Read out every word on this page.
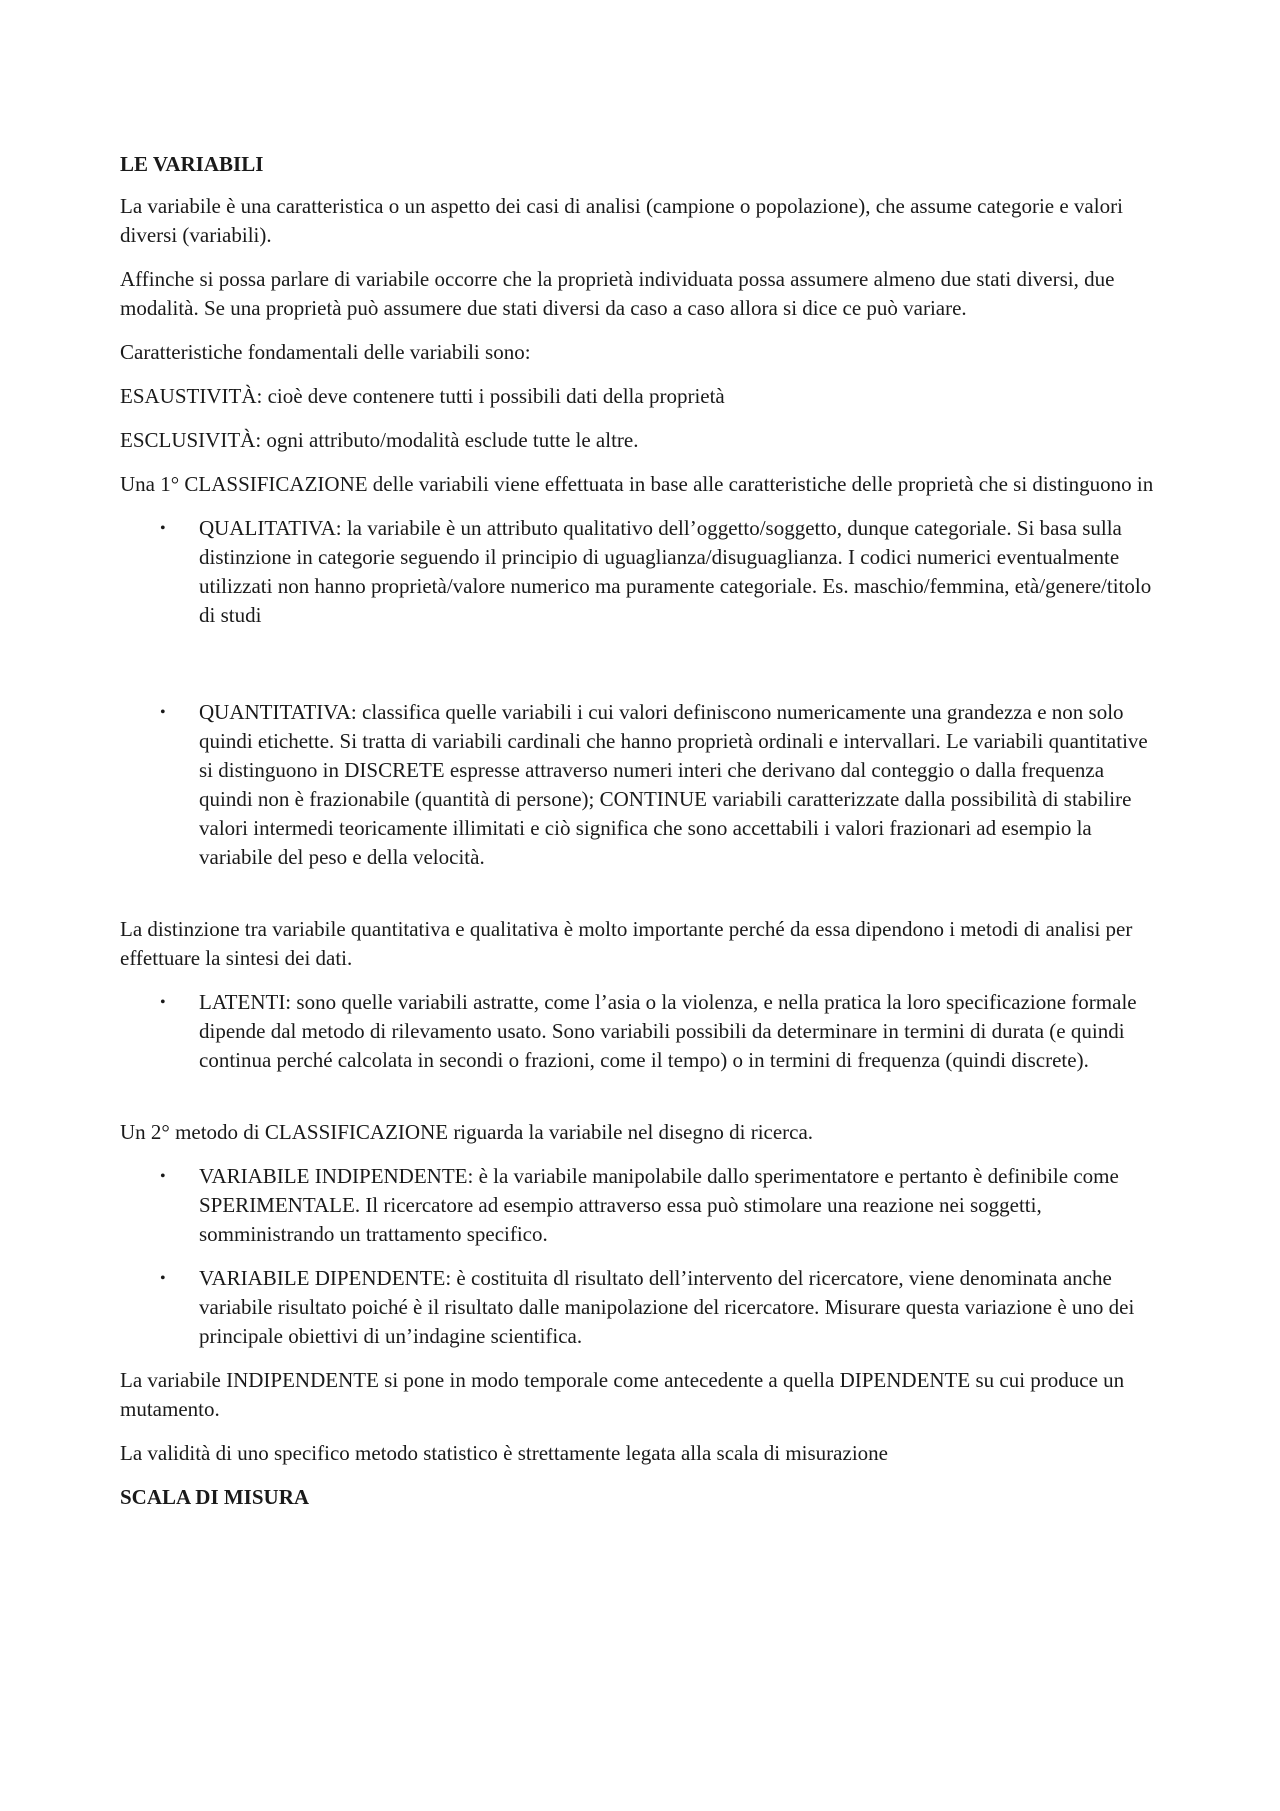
LE VARIABILI

La variabile è una caratteristica o un aspetto dei casi di analisi (campione o popolazione), che assume categorie e valori diversi (variabili).

Affinche si possa parlare di variabile occorre che la proprietà individuata possa assumere almeno due stati diversi, due modalità. Se una proprietà può assumere due stati diversi da caso a caso allora si dice ce può variare.

Caratteristiche fondamentali delle variabili sono:

ESAUSTIVITÀ: cioè deve contenere tutti i possibili dati della proprietà

ESCLUSIVITÀ: ogni attributo/modalità esclude tutte le altre.

Una 1° CLASSIFICAZIONE delle variabili viene effettuata in base alle caratteristiche delle proprietà che si distinguono in

• QUALITATIVA: la variabile è un attributo qualitativo dell’oggetto/soggetto, dunque categoriale. Si basa sulla distinzione in categorie seguendo il principio di uguaglianza/disuguaglianza. I codici numerici eventualmente utilizzati non hanno proprietà/valore numerico ma puramente categoriale. Es. maschio/femmina, età/genere/titolo di studi
• QUANTITATIVA: classifica quelle variabili i cui valori definiscono numericamente una grandezza e non solo quindi etichette. Si tratta di variabili cardinali che hanno proprietà ordinali e intervallari. Le variabili quantitative si distinguono in DISCRETE espresse attraverso numeri interi che derivano dal conteggio o dalla frequenza quindi non è frazionabile (quantità di persone); CONTINUE variabili caratterizzate dalla possibilità di stabilire valori intermedi teoricamente illimitati e ciò significa che sono accettabili i valori frazionari ad esempio la variabile del peso e della velocità.

La distinzione tra variabile quantitativa e qualitativa è molto importante perché da essa dipendono i metodi di analisi per effettuare la sintesi dei dati.

• LATENTI: sono quelle variabili astratte, come l’asia o la violenza, e nella pratica la loro specificazione formale dipende dal metodo di rilevamento usato. Sono variabili possibili da determinare in termini di durata (e quindi continua perché calcolata in secondi o frazioni, come il tempo) o in termini di frequenza (quindi discrete).

Un 2° metodo di CLASSIFICAZIONE riguarda la variabile nel disegno di ricerca.

• VARIABILE INDIPENDENTE: è la variabile manipolabile dallo sperimentatore e pertanto è definibile come SPERIMENTALE. Il ricercatore ad esempio attraverso essa può stimolare una reazione nei soggetti, somministrando un trattamento specifico.
• VARIABILE DIPENDENTE: è costituita dl risultato dell’intervento del ricercatore, viene denominata anche variabile risultato poiché è il risultato dalle manipolazione del ricercatore. Misurare questa variazione è uno dei principale obiettivi di un’indagine scientifica.

La variabile INDIPENDENTE si pone in modo temporale come antecedente a quella DIPENDENTE su cui produce un mutamento.

La validità di uno specifico metodo statistico è strettamente legata alla scala di misurazione

SCALA DI MISURA
